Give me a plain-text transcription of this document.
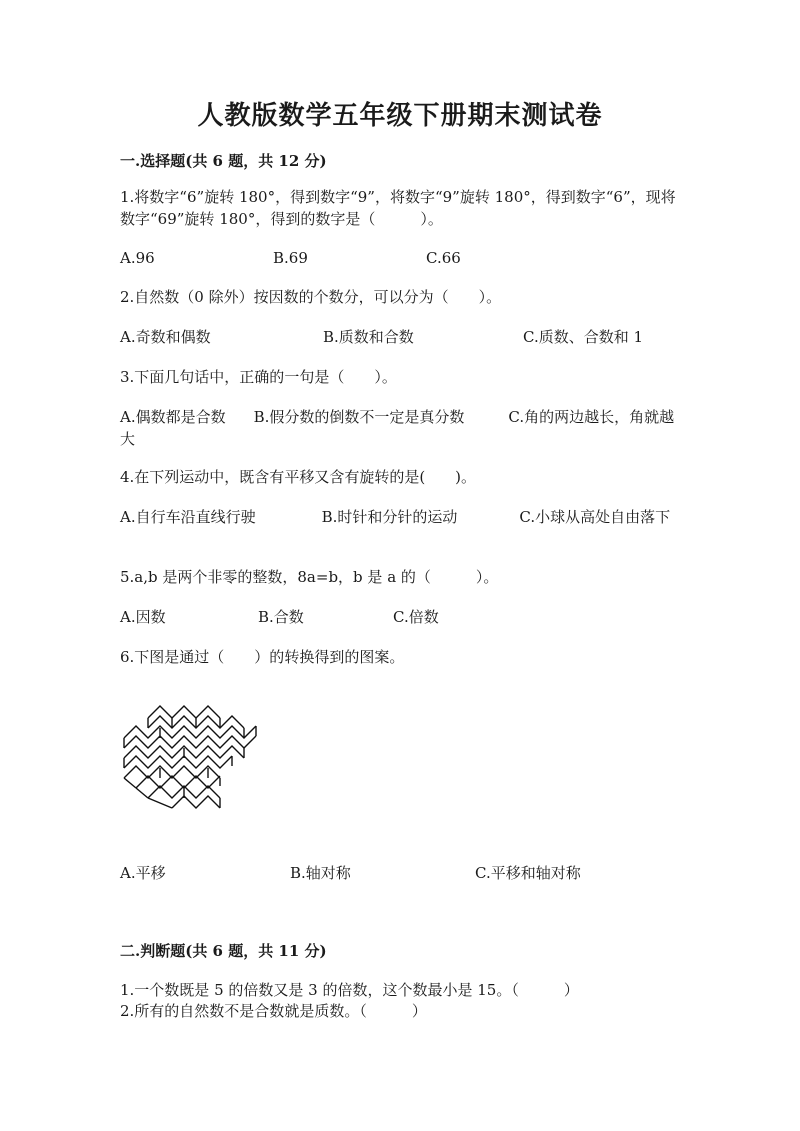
人教版数学五年级下册期末测试卷
一.选择题(共 6 题，共 12 分)
1.将数字“6”旋转 180°，得到数字“9”，将数字“9”旋转 180°，得到数字“6”，现将数字“69”旋转 180°，得到的数字是（　　　）。
A.96	B.69	C.66
2.自然数（0 除外）按因数的个数分，可以分为（　　）。
A.奇数和偶数	B.质数和合数	C.质数、合数和 1
3.下面几句话中，正确的一句是（　　）。
A.偶数都是合数 B.假分数的倒数不一定是真分数	C.角的两边越长，角就越大
4.在下列运动中，既含有平移又含有旋转的是(　　)。
A.自行车沿直线行驶	B.时针和分针的运动	C.小球从高处自由落下
5.a,b 是两个非零的整数，8a=b，b 是 a 的（　　　）。
A.因数	B.合数	C.倍数
6.下图是通过（　　）的转换得到的图案。
A.平移	B.轴对称	C.平移和轴对称
二.判断题(共 6 题，共 11 分)
1.一个数既是 5 的倍数又是 3 的倍数，这个数最小是 15。（　　　）
2.所有的自然数不是合数就是质数。（　　　）
